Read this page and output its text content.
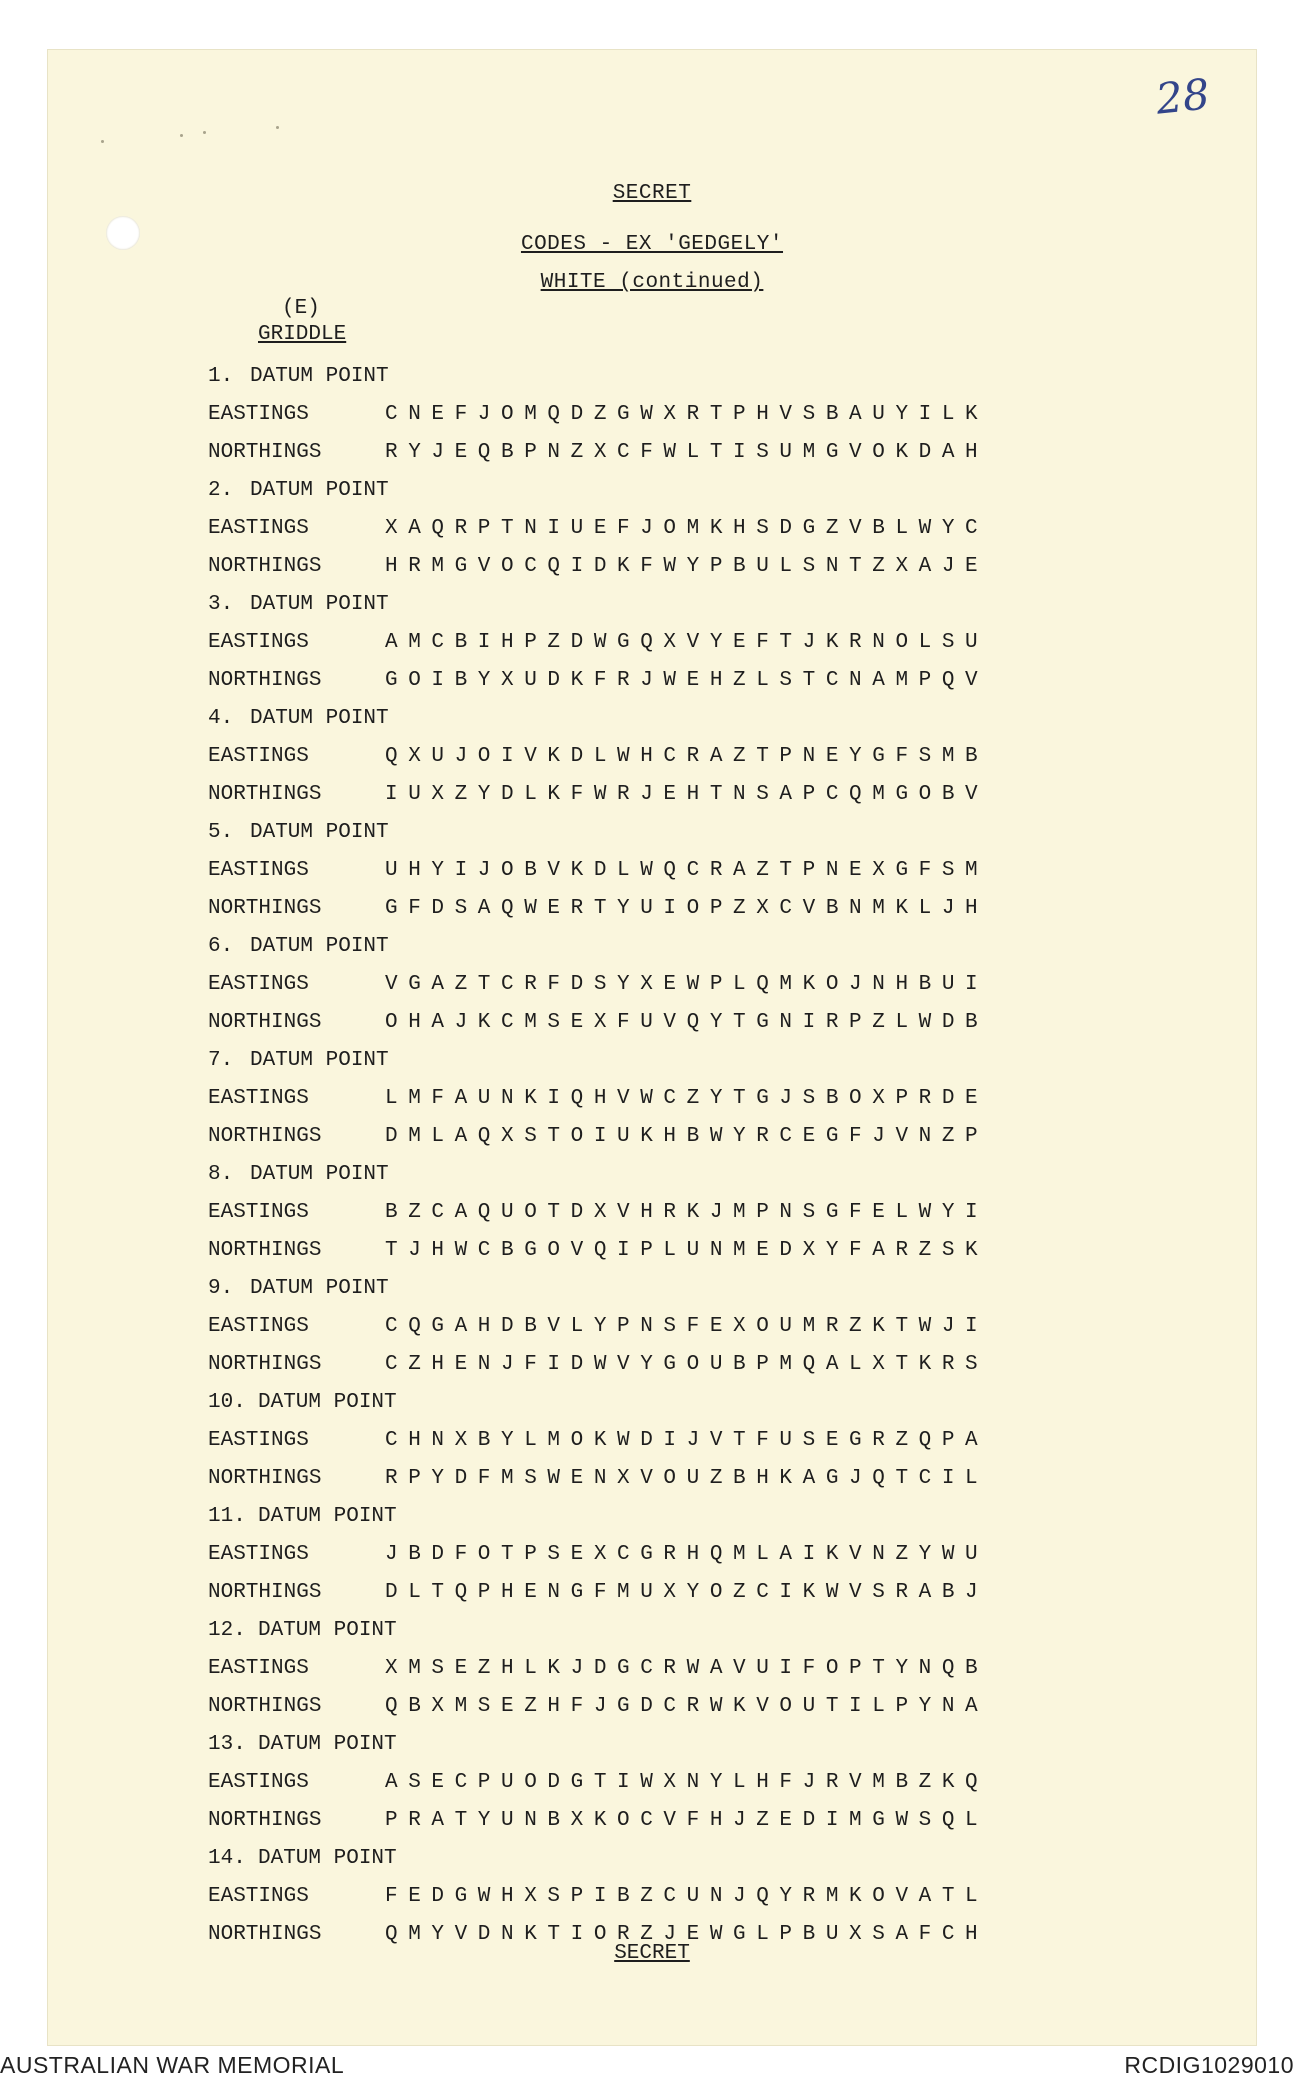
28
SECRET
CODES - EX 'GEDGELY'
WHITE (continued)
(E)
GRIDDLE
1. DATUM POINT
EASTINGS	CNEFJOMQDZGWXRTPHVSBAUYILK
NORTHINGS	RYJEQBPNZXCFWLTISUMGVOKDAH
2. DATUM POINT
EASTINGS	XAQRPTNIUEFJOMKHSDGZVBLWYC
NORTHINGS	HRMGVOCQIDKFWYPBULSNTZXAJE
3. DATUM POINT
EASTINGS	AMCBIHPZDWGQXVYEFTJKRNOLSU
NORTHINGS	GOIBYXUDKFRJWEHZLSTCNAMPQV
4. DATUM POINT
EASTINGS	QXUJOIVKDLWHCRAZTPNEYGFSMB
NORTHINGS	IUXZYDLKFWRJEHTNSAPCQMGOBV
5. DATUM POINT
EASTINGS	UHYIJOBVKDLWQCRAZTPNEXGFSM
NORTHINGS	GFDSAQWERTYUIOPZXCVBNMKLJH
6. DATUM POINT
EASTINGS	VGAZTCRFDSYXEWPLQMKOJNHBUI
NORTHINGS	OHAJKCMSEXFUVQYTGNIRPZLWDB
7. DATUM POINT
EASTINGS	LMFAUNKIQHVWCZYTGJSBOXPRDE
NORTHINGS	DMLAQXSTOIUKHBWYRCEGFJVNZP
8. DATUM POINT
EASTINGS	BZCAQUOTDXVHRKJMPNSGFELWYI
NORTHINGS	TJHWCBGOVQIPLUNMEDXYFARZSK
9. DATUM POINT
EASTINGS	CQGAHDBVLYPNSFEXOUMRZKTWJI
NORTHINGS	CZHENJFIDWVYGOUBPMQALXTKRS
10. DATUM POINT
EASTINGS	CHNXBYLMOKWDIJVTFUSEGRZQPA
NORTHINGS	RPYDFMSWENXVOUZBHKAGJQTCIL
11. DATUM POINT
EASTINGS	JBDFOTPSEXCGRHQMLAIKVNZYWU
NORTHINGS	DLTQPHENGFMUXYOZCIKWVSRABJ
12. DATUM POINT
EASTINGS	XMSEZHLKJDGCRWAVUIFOPTYNQB
NORTHINGS	QBXMSEZHFJGDCRWKVOUTILPYNA
13. DATUM POINT
EASTINGS	ASECPUODGTIWXNYLHFJRVMBZKQ
NORTHINGS	PRATYUNBXKOCVFHJZEDIMGWSQL
14. DATUM POINT
EASTINGS	FEDGWHXSPIBZCUNJQYRMKOVATL
NORTHINGS	QMYVDNKTIORZJEWGLPBUXSAFCH
SECRET
AUSTRALIAN WAR MEMORIAL	RCDIG1029010
